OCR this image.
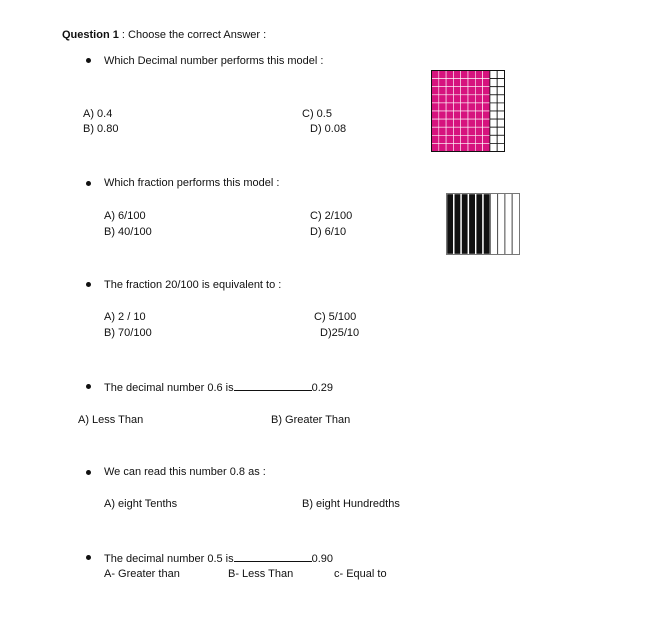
Question 1 : Choose the correct Answer :
Which Decimal number performs this model :
A) 0.4
B) 0.80
C) 0.5
D) 0.08
Which fraction performs this model :
A) 6/100
B) 40/100
C) 2/100
D) 6/10
The fraction 20/100 is equivalent to :
A) 2 / 10
B) 70/100
C) 5/100
D)25/10
The decimal number 0.6 is	0.29
A) Less Than	B) Greater Than
We can read this number 0.8 as :
A) eight Tenths	B) eight Hundredths
The decimal number 0.5 is	0.90
A- Greater than	B- Less Than	c- Equal to
